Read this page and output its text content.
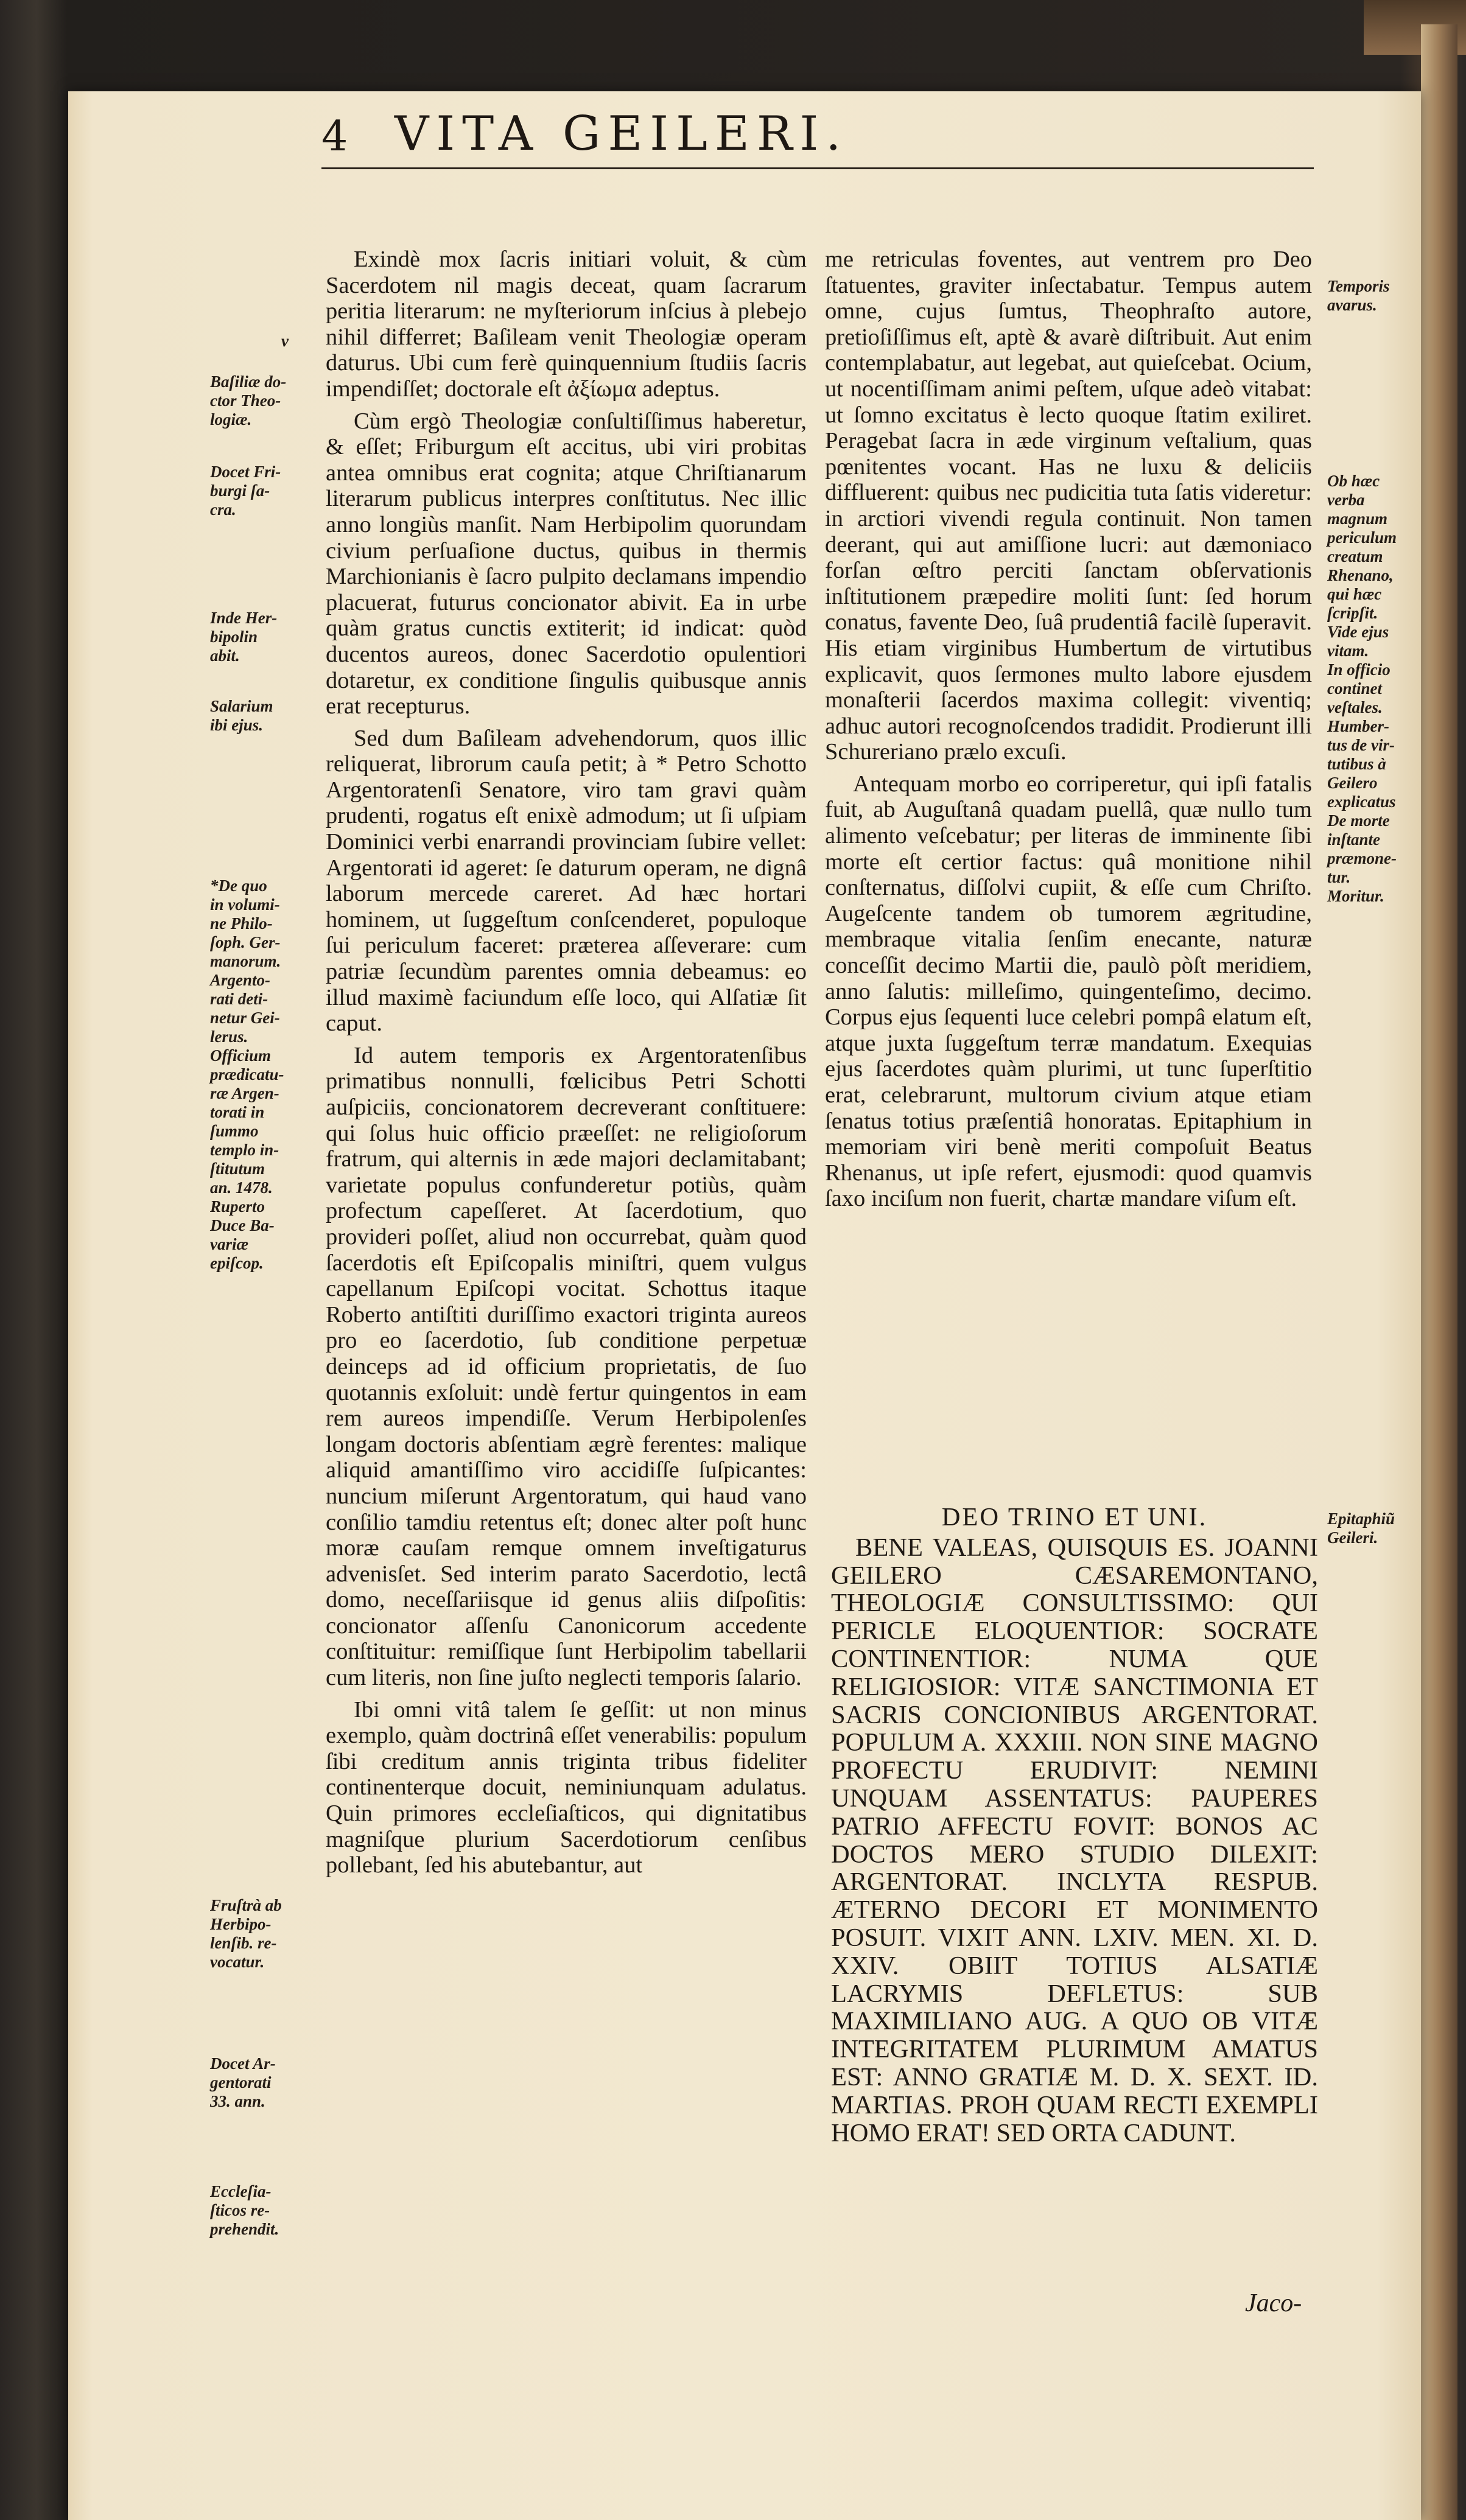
4 VITA GEILERI.

Exindè mox ſacris initiari voluit, & cùm Sacerdotem nil magis deceat, quam ſacrarum peritia literarum: ne myſteriorum inſcius à plebejo nihil differret; Baſileam venit Theologiæ operam daturus. Ubi cum ferè quinquennium ſtudiis ſacris impendiſſet; doctorale eſt ἀξίωμα adeptus.

Cùm ergò Theologiæ conſultiſſimus haberetur, & eſſet; Friburgum eſt accitus, ubi viri probitas antea omnibus erat cognita; atque Chriſtianarum literarum publicus interpres conſtitutus. Nec illic anno longiùs manſit. Nam Herbipolim quorundam civium perſuaſione ductus, quibus in thermis Marchionianis è ſacro pulpito declamans impendio placuerat, futurus concionator abivit. Ea in urbe quàm gratus cunctis extiterit; id indicat: quòd ducentos aureos, donec Sacerdotio opulentiori dotaretur, ex conditione ſingulis quibusque annis erat recepturus.

Sed dum Baſileam advehendorum, quos illic reliquerat, librorum cauſa petit; à * Petro Schotto Argentoratenſi Senatore, viro tam gravi quàm prudenti, rogatus eſt enixè admodum; ut ſi uſpiam Dominici verbi enarrandi provinciam ſubire vellet: Argentorati id ageret: ſe daturum operam, ne dignâ laborum mercede careret. Ad hæc hortari hominem, ut ſuggeſtum conſcenderet, populoque ſui periculum faceret: præterea aſſeverare: cum patriæ ſecundùm parentes omnia debeamus: eo illud maximè faciundum eſſe loco, qui Alſatiæ ſit caput.

Id autem temporis ex Argentoratenſibus primatibus nonnulli, fœlicibus Petri Schotti auſpiciis, concionatorem decreverant conſtituere: qui ſolus huic officio præeſſet: ne religioſorum fratrum, qui alternis in æde majori declamitabant; varietate populus confunderetur potiùs, quàm profectum capeſſeret. At ſacerdotium, quo provideri poſſet, aliud non occurrebat, quàm quod ſacerdotis eſt Epiſcopalis miniſtri, quem vulgus capellanum Epiſcopi vocitat. Schottus itaque Roberto antiſtiti duriſſimo exactori triginta aureos pro eo ſacerdotio, ſub conditione perpetuæ deinceps ad id officium proprietatis, de ſuo quotannis exſoluit: undè fertur quingentos in eam rem aureos impendiſſe. Verum Herbipolenſes longam doctoris abſentiam ægrè ferentes: malique aliquid amantiſſimo viro accidiſſe ſuſpicantes: nuncium miſerunt Argentoratum, qui haud vano conſilio tamdiu retentus eſt; donec alter poſt hunc moræ cauſam remque omnem inveſtigaturus advenisſet. Sed interim parato Sacerdotio, lectâ domo, neceſſariisque id genus aliis diſpoſitis: concionator aſſenſu Canonicorum accedente conſtituitur: remiſſique ſunt Herbipolim tabellarii cum literis, non ſine juſto neglecti temporis ſalario.

Ibi omni vitâ talem ſe geſſit: ut non minus exemplo, quàm doctrinâ eſſet venerabilis: populum ſibi creditum annis triginta tribus fideliter continenterque docuit, neminiunquam adulatus. Quin primores eccleſiaſticos, qui dignitatibus magniſque plurium Sacerdotiorum cenſibus pollebant, ſed his abutebantur, aut

me retriculas foventes, aut ventrem pro Deo ſtatuentes, graviter inſectabatur. Tempus autem omne, cujus ſumtus, Theophraſto autore, pretioſiſſimus eſt, aptè & avarè diſtribuit. Aut enim contemplabatur, aut legebat, aut quieſcebat. Ocium, ut nocentiſſimam animi peſtem, uſque adeò vitabat: ut ſomno excitatus è lecto quoque ſtatim exiliret. Peragebat ſacra in æde virginum veſtalium, quas pœnitentes vocant. Has ne luxu & deliciis diffluerent: quibus nec pudicitia tuta ſatis videretur: in arctiori vivendi regula continuit. Non tamen deerant, qui aut amiſſione lucri: aut dæmoniaco forſan œſtro perciti ſanctam obſervationis inſtitutionem præpedire moliti ſunt: ſed horum conatus, favente Deo, ſuâ prudentiâ facilè ſuperavit. His etiam virginibus Humbertum de virtutibus explicavit, quos ſermones multo labore ejusdem monaſterii ſacerdos maxima collegit: viventiq; adhuc autori recognoſcendos tradidit. Prodierunt illi Schureriano prælo excuſi.

Antequam morbo eo corriperetur, qui ipſi fatalis fuit, ab Auguſtanâ quadam puellâ, quæ nullo tum alimento veſcebatur; per literas de imminente ſibi morte eſt certior factus: quâ monitione nihil conſternatus, diſſolvi cupiit, & eſſe cum Chriſto. Augeſcente tandem ob tumorem ægritudine, membraque vitalia ſenſim enecante, naturæ conceſſit decimo Martii die, paulò pòſt meridiem, anno ſalutis: milleſimo, quingenteſimo, decimo. Corpus ejus ſequenti luce celebri pompâ elatum eſt, atque juxta ſuggeſtum terræ mandatum. Exequias ejus ſacerdotes quàm plurimi, ut tunc ſuperſtitio erat, celebrarunt, multorum civium atque etiam ſenatus totius præſentiâ honoratas. Epitaphium in memoriam viri benè meriti compoſuit Beatus Rhenanus, ut ipſe refert, ejusmodi: quod quamvis ſaxo inciſum non fuerit, chartæ mandare viſum eſt.

DEO TRINO ET UNI.
BENE VALEAS, QUISQUIS ES. JOANNI GEILERO CÆSAREMONTANO, THEOLOGIÆ CONSULTISSIMO: QUI PERICLE ELOQUENTIOR: SOCRATE CONTINENTIOR: NUMA QUE RELIGIOSIOR: VITÆ SANCTIMONIA ET SACRIS CONCIONIBUS ARGENTORAT. POPULUM A. XXXIII. NON SINE MAGNO PROFECTU ERUDIVIT: NEMINI UNQUAM ASSENTATUS: PAUPERES PATRIO AFFECTU FOVIT: BONOS AC DOCTOS MERO STUDIO DILEXIT: ARGENTORAT. INCLYTA RESPUB. ÆTERNO DECORI ET MONIMENTO POSUIT. VIXIT ANN. LXIV. MEN. XI. D. XXIV. OBIIT TOTIUS ALSATIÆ LACRYMIS DEFLETUS: SUB MAXIMILIANO AUG. A QUO OB VITÆ INTEGRITATEM PLURIMUM AMATUS EST: ANNO GRATIÆ M. D. X. SEXT. ID. MARTIAS. PROH QUAM RECTI EXEMPLI HOMO ERAT! SED ORTA CADUNT.
Jaco-
v
Baſiliæ do-
ctor Theo-
logiæ.
Docet Fri-
burgi ſa-
cra.
Inde Her-
bipolin
abit.
Salarium
ibi ejus.
*De quo
in volumi-
ne Philo-
ſoph. Ger-
manorum.
Argento-
rati deti-
netur Gei-
lerus.
Officium
prædicatu-
ræ Argen-
torati in
ſummo
templo in-
ſtitutum
an. 1478.
Ruperto
Duce Ba-
variæ
epiſcop.
Fruſtrà ab
Herbipo-
lenſib. re-
vocatur.
Docet Ar-
gentorati
33. ann.
Eccleſia-
ſticos re-
prehendit.
Temporis
avarus.
Ob hæc
verba
magnum
periculum
creatum
Rhenano,
qui hæc
ſcripſit.
Vide ejus
vitam.
In officio
continet
veſtales.
Humber-
tus de vir-
tutibus à
Geilero
explicatus
De morte
inſtante
præmone-
tur.
Moritur.
Epitaphiũ
Geileri.
